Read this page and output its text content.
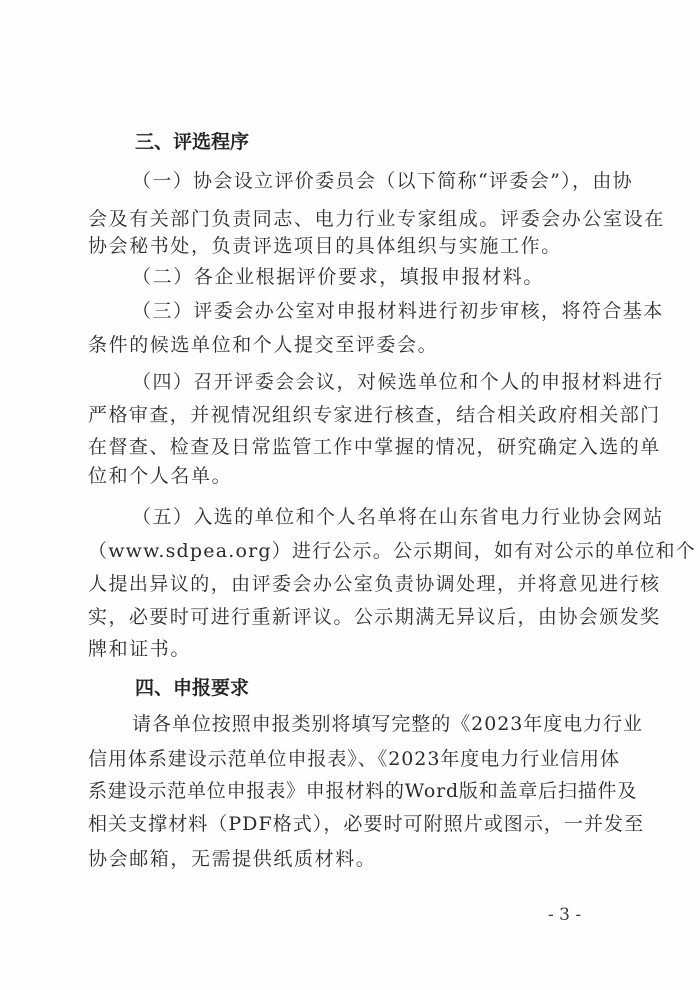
三、评选程序

（一）协会设立评价委员会（以下简称“评委会”），由协

会及有关部门负责同志、电力行业专家组成。评委会办公室设在

协会秘书处，负责评选项目的具体组织与实施工作。

（二）各企业根据评价要求，填报申报材料。

（三）评委会办公室对申报材料进行初步审核，将符合基本

条件的候选单位和个人提交至评委会。

（四）召开评委会会议，对候选单位和个人的申报材料进行

严格审查，并视情况组织专家进行核查，结合相关政府相关部门

在督查、检查及日常监管工作中掌握的情况，研究确定入选的单

位和个人名单。

（五）入选的单位和个人名单将在山东省电力行业协会网站

（www.sdpea.org）进行公示。公示期间，如有对公示的单位和个

人提出异议的，由评委会办公室负责协调处理，并将意见进行核

实，必要时可进行重新评议。公示期满无异议后，由协会颁发奖

牌和证书。

四、申报要求

请各单位按照申报类别将填写完整的《2023年度电力行业

信用体系建设示范单位申报表》、《2023年度电力行业信用体

系建设示范单位申报表》申报材料的Word版和盖章后扫描件及

相关支撑材料（PDF格式），必要时可附照片或图示，一并发至

协会邮箱，无需提供纸质材料。

- 3 -
